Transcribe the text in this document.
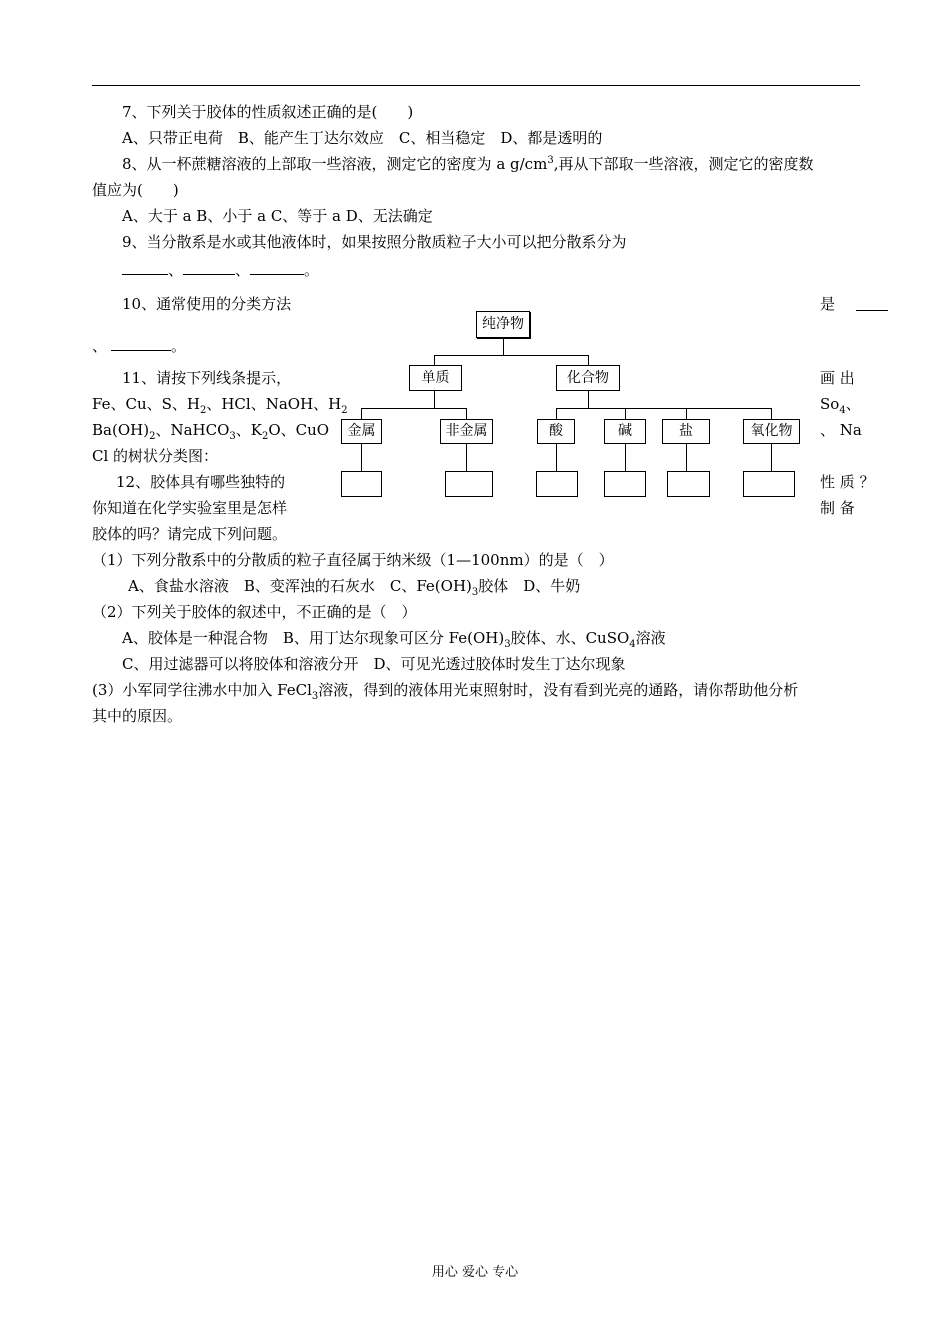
7、下列关于胶体的性质叙述正确的是(　　)
A、只带正电荷　B、能产生丁达尔效应　C、相当稳定　D、都是透明的
8、从一杯蔗糖溶液的上部取一些溶液，测定它的密度为 a $g/cm^3$,再从下部取一些溶液，测定它的密度数
值应为(　　)
A、大于 a B、小于 a C、等于 a D、无法确定
9、当分散系是水或其他液体时，如果按照分散质粒子大小可以把分散系分为
、	、	。
10、通常使用的分类方法	是
、	。
11、请按下列线条提示，	画 出
Fe、Cu、S、$H_2$、HCl、NaOH、$H_2$	$So_4$、
$Ba(OH)_2$、NaHCO$_3$、$K_2O$、CuO	、 Na
Cl 的树状分类图：
12、胶体具有哪些独特的	性 质 ？
你知道在化学实验室里是怎样	制 备
胶体的吗？请完成下列问题。
纯净物
单质	化合物
金属	非金属	酸	碱	盐	氧化物
（1）下列分散系中的分散质的粒子直径属于纳米级（1—100nm）的是（　）
A、食盐水溶液　B、变浑浊的石灰水　C、$Fe(OH)_3$胶体　D、牛奶
（2）下列关于胶体的叙述中，不正确的是（　）
A、胶体是一种混合物　B、用丁达尔现象可区分 $Fe(OH)_3$胶体、水、CuSO$_4$溶液
C、用过滤器可以将胶体和溶液分开　D、可见光透过胶体时发生丁达尔现象
(3）小军同学往沸水中加入 FeCl$_3$溶液，得到的液体用光束照射时，没有看到光亮的通路，请你帮助他分析
其中的原因。
用心 爱心 专心
